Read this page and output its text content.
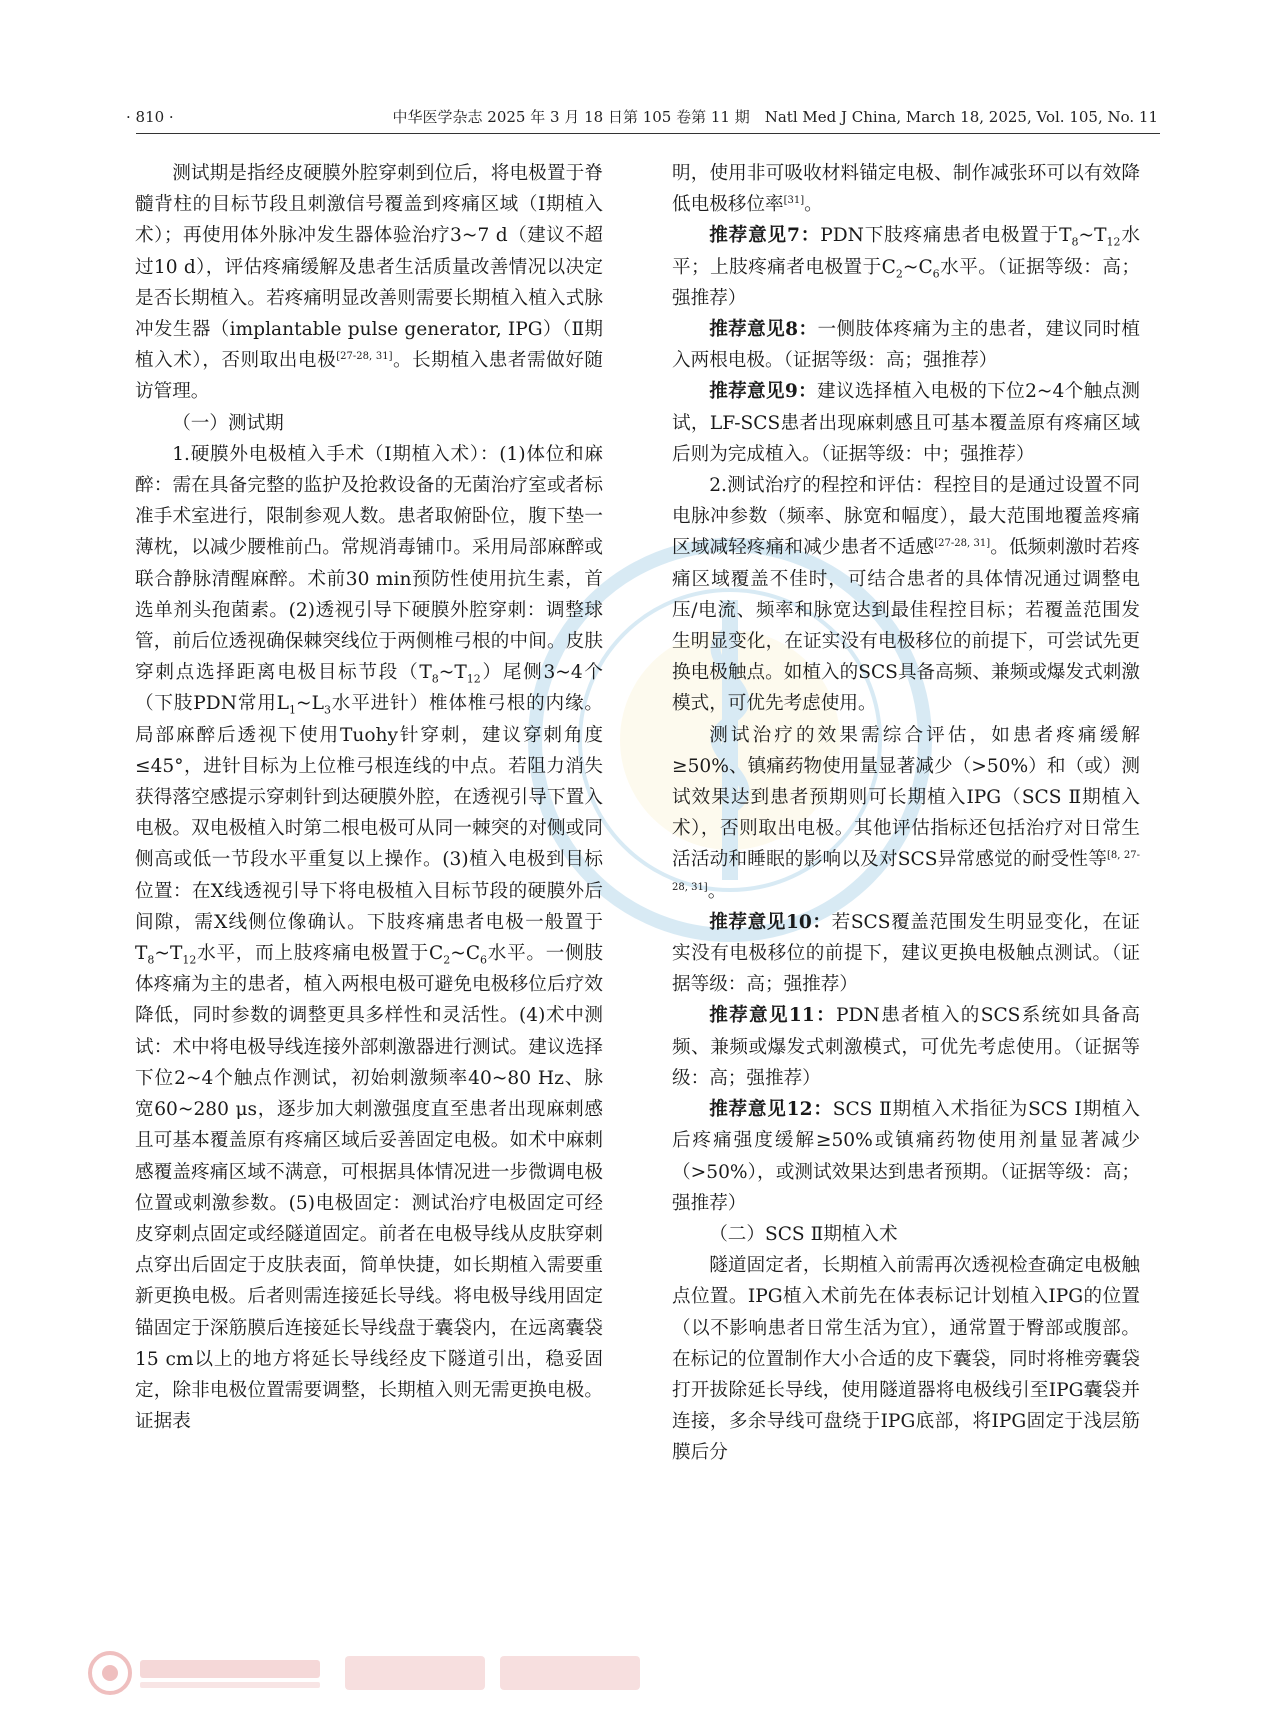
· 810 ·	中华医学杂志 2025 年 3 月 18 日第 105 卷第 11 期　Natl Med J China, March 18, 2025, Vol. 105, No. 11

测试期是指经皮硬膜外腔穿刺到位后，将电极置于脊髓背柱的目标节段且刺激信号覆盖到疼痛区域（Ⅰ期植入术）；再使用体外脉冲发生器体验治疗3~7 d（建议不超过10 d），评估疼痛缓解及患者生活质量改善情况以决定是否长期植入。若疼痛明显改善则需要长期植入植入式脉冲发生器（implantable pulse generator, IPG）（Ⅱ期植入术），否则取出电极[27-28, 31]。长期植入患者需做好随访管理。

（一）测试期

1.硬膜外电极植入手术（Ⅰ期植入术）：(1)体位和麻醉：需在具备完整的监护及抢救设备的无菌治疗室或者标准手术室进行，限制参观人数。患者取俯卧位，腹下垫一薄枕，以减少腰椎前凸。常规消毒铺巾。采用局部麻醉或联合静脉清醒麻醉。术前30 min预防性使用抗生素，首选单剂头孢菌素。(2)透视引导下硬膜外腔穿刺：调整球管，前后位透视确保棘突线位于两侧椎弓根的中间。皮肤穿刺点选择距离电极目标节段$(T_8\sim T_{12})$尾侧3~4个（下肢PDN常用$L_1\sim L_3$水平进针）椎体椎弓根的内缘。局部麻醉后透视下使用Tuohy针穿刺，建议穿刺角度≤45°，进针目标为上位椎弓根连线的中点。若阻力消失获得落空感提示穿刺针到达硬膜外腔，在透视引导下置入电极。双电极植入时第二根电极可从同一棘突的对侧或同侧高或低一节段水平重复以上操作。(3)植入电极到目标位置：在X线透视引导下将电极植入目标节段的硬膜外后间隙，需X线侧位像确认。下肢疼痛患者电极一般置于$T_8\sim T_{12}$水平，而上肢疼痛电极置于$C_2\sim C_6$水平。一侧肢体疼痛为主的患者，植入两根电极可避免电极移位后疗效降低，同时参数的调整更具多样性和灵活性。(4)术中测试：术中将电极导线连接外部刺激器进行测试。建议选择下位2~4个触点作测试，初始刺激频率40~80 Hz、脉宽60~280 μs，逐步加大刺激强度直至患者出现麻刺感且可基本覆盖原有疼痛区域后妥善固定电极。如术中麻刺感覆盖疼痛区域不满意，可根据具体情况进一步微调电极位置或刺激参数。(5)电极固定：测试治疗电极固定可经皮穿刺点固定或经隧道固定。前者在电极导线从皮肤穿刺点穿出后固定于皮肤表面，简单快捷，如长期植入需要重新更换电极。后者则需连接延长导线。将电极导线用固定锚固定于深筋膜后连接延长导线盘于囊袋内，在远离囊袋15 cm以上的地方将延长导线经皮下隧道引出，稳妥固定，除非电极位置需要调整，长期植入则无需更换电极。证据表

明，使用非可吸收材料锚定电极、制作减张环可以有效降低电极移位率[31]。

推荐意见7：PDN下肢疼痛患者电极置于$T_8\sim T_{12}$水平；上肢疼痛者电极置于$C_2\sim C_6$水平。（证据等级：高；强推荐）

推荐意见8：一侧肢体疼痛为主的患者，建议同时植入两根电极。（证据等级：高；强推荐）

推荐意见9：建议选择植入电极的下位2~4个触点测试，LF-SCS患者出现麻刺感且可基本覆盖原有疼痛区域后则为完成植入。（证据等级：中；强推荐）

2.测试治疗的程控和评估：程控目的是通过设置不同电脉冲参数（频率、脉宽和幅度），最大范围地覆盖疼痛区域减轻疼痛和减少患者不适感[27-28, 31]。低频刺激时若疼痛区域覆盖不佳时，可结合患者的具体情况通过调整电压/电流、频率和脉宽达到最佳程控目标；若覆盖范围发生明显变化，在证实没有电极移位的前提下，可尝试先更换电极触点。如植入的SCS具备高频、兼频或爆发式刺激模式，可优先考虑使用。

测试治疗的效果需综合评估，如患者疼痛缓解≥50%、镇痛药物使用量显著减少（>50%）和（或）测试效果达到患者预期则可长期植入IPG（SCS Ⅱ期植入术），否则取出电极。其他评估指标还包括治疗对日常生活活动和睡眠的影响以及对SCS异常感觉的耐受性等[8, 27-28, 31]。

推荐意见10：若SCS覆盖范围发生明显变化，在证实没有电极移位的前提下，建议更换电极触点测试。（证据等级：高；强推荐）

推荐意见11：PDN患者植入的SCS系统如具备高频、兼频或爆发式刺激模式，可优先考虑使用。（证据等级：高；强推荐）

推荐意见12：SCS Ⅱ期植入术指征为SCS Ⅰ期植入后疼痛强度缓解≥50%或镇痛药物使用剂量显著减少（>50%），或测试效果达到患者预期。（证据等级：高；强推荐）

（二）SCS Ⅱ期植入术

隧道固定者，长期植入前需再次透视检查确定电极触点位置。IPG植入术前先在体表标记计划植入IPG的位置（以不影响患者日常生活为宜），通常置于臀部或腹部。在标记的位置制作大小合适的皮下囊袋，同时将椎旁囊袋打开拔除延长导线，使用隧道器将电极线引至IPG囊袋并连接，多余导线可盘绕于IPG底部，将IPG固定于浅层筋膜后分
